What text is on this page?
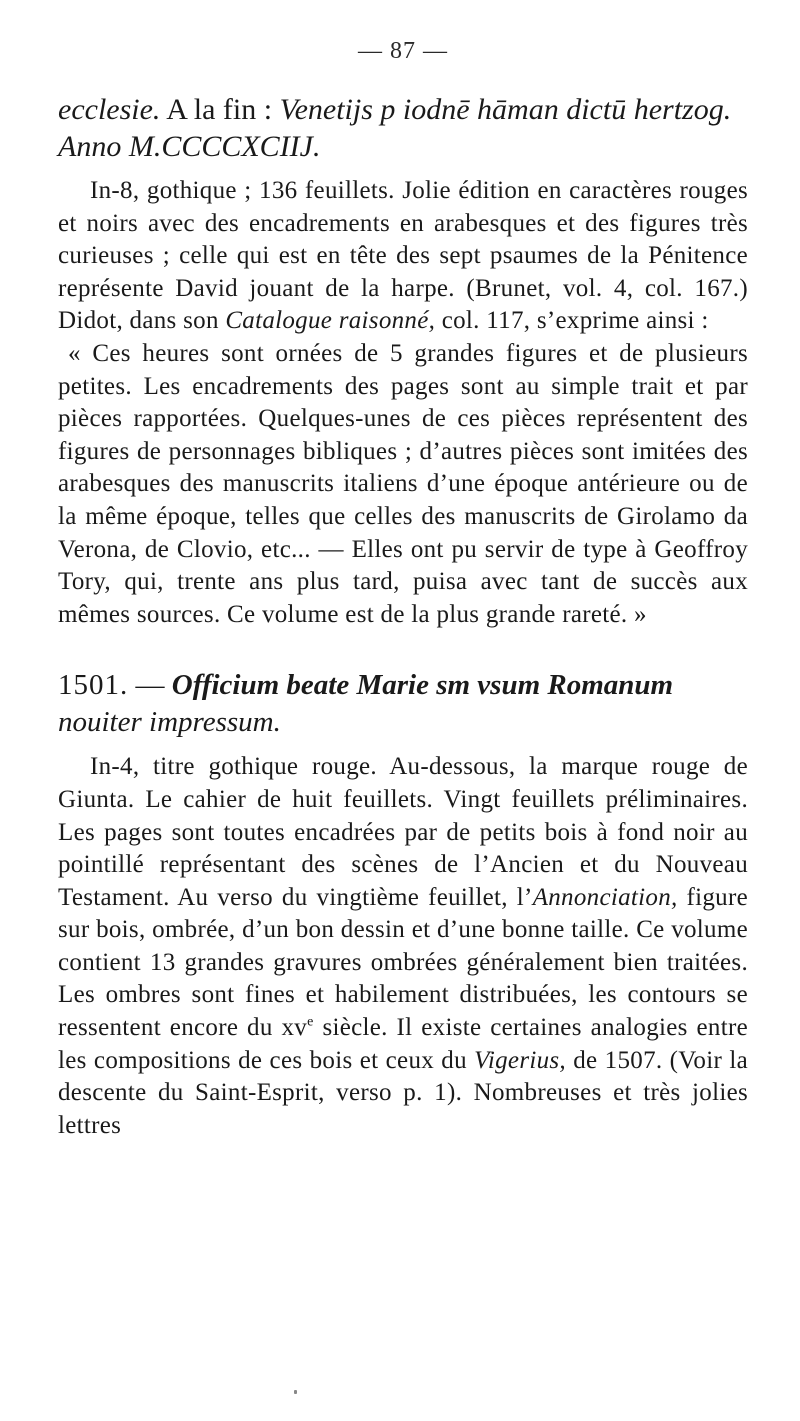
— 87 —

ecclesie. A la fin : Venetijs p iodnē hāman dictū hertzog.
Anno M.CCCCXCIIJ.

In-8, gothique ; 136 feuillets. Jolie édition en caractères rouges et noirs avec des encadrements en arabesques et des figures très curieuses ; celle qui est en tête des sept psaumes de la Pénitence représente David jouant de la harpe. (Brunet, vol. 4, col. 167.) Didot, dans son Catalogue raisonné, col. 117, s’exprime ainsi :

« Ces heures sont ornées de 5 grandes figures et de plusieurs petites. Les encadrements des pages sont au simple trait et par pièces rapportées. Quelques-unes de ces pièces représentent des figures de personnages bibliques ; d’autres pièces sont imitées des arabesques des manuscrits italiens d’une époque antérieure ou de la même époque, telles que celles des manuscrits de Girolamo da Verona, de Clovio, etc... — Elles ont pu servir de type à Geoffroy Tory, qui, trente ans plus tard, puisa avec tant de succès aux mêmes sources. Ce volume est de la plus grande rareté. »

1501. — Officium beate Marie sm vsum Romanum
nouiter impressum.

In-4, titre gothique rouge. Au-dessous, la marque rouge de Giunta. Le cahier de huit feuillets. Vingt feuillets préliminaires. Les pages sont toutes encadrées par de petits bois à fond noir au pointillé représentant des scènes de l’Ancien et du Nouveau Testament. Au verso du vingtième feuillet, l’Annonciation, figure sur bois, ombrée, d’un bon dessin et d’une bonne taille. Ce volume contient 13 grandes gravures ombrées généralement bien traitées. Les ombres sont fines et habilement distribuées, les contours se ressentent encore du $xv^e$ siècle. Il existe certaines analogies entre les compositions de ces bois et ceux du Vigerius, de 1507. (Voir la descente du Saint-Esprit, verso p. 1). Nombreuses et très jolies lettres
